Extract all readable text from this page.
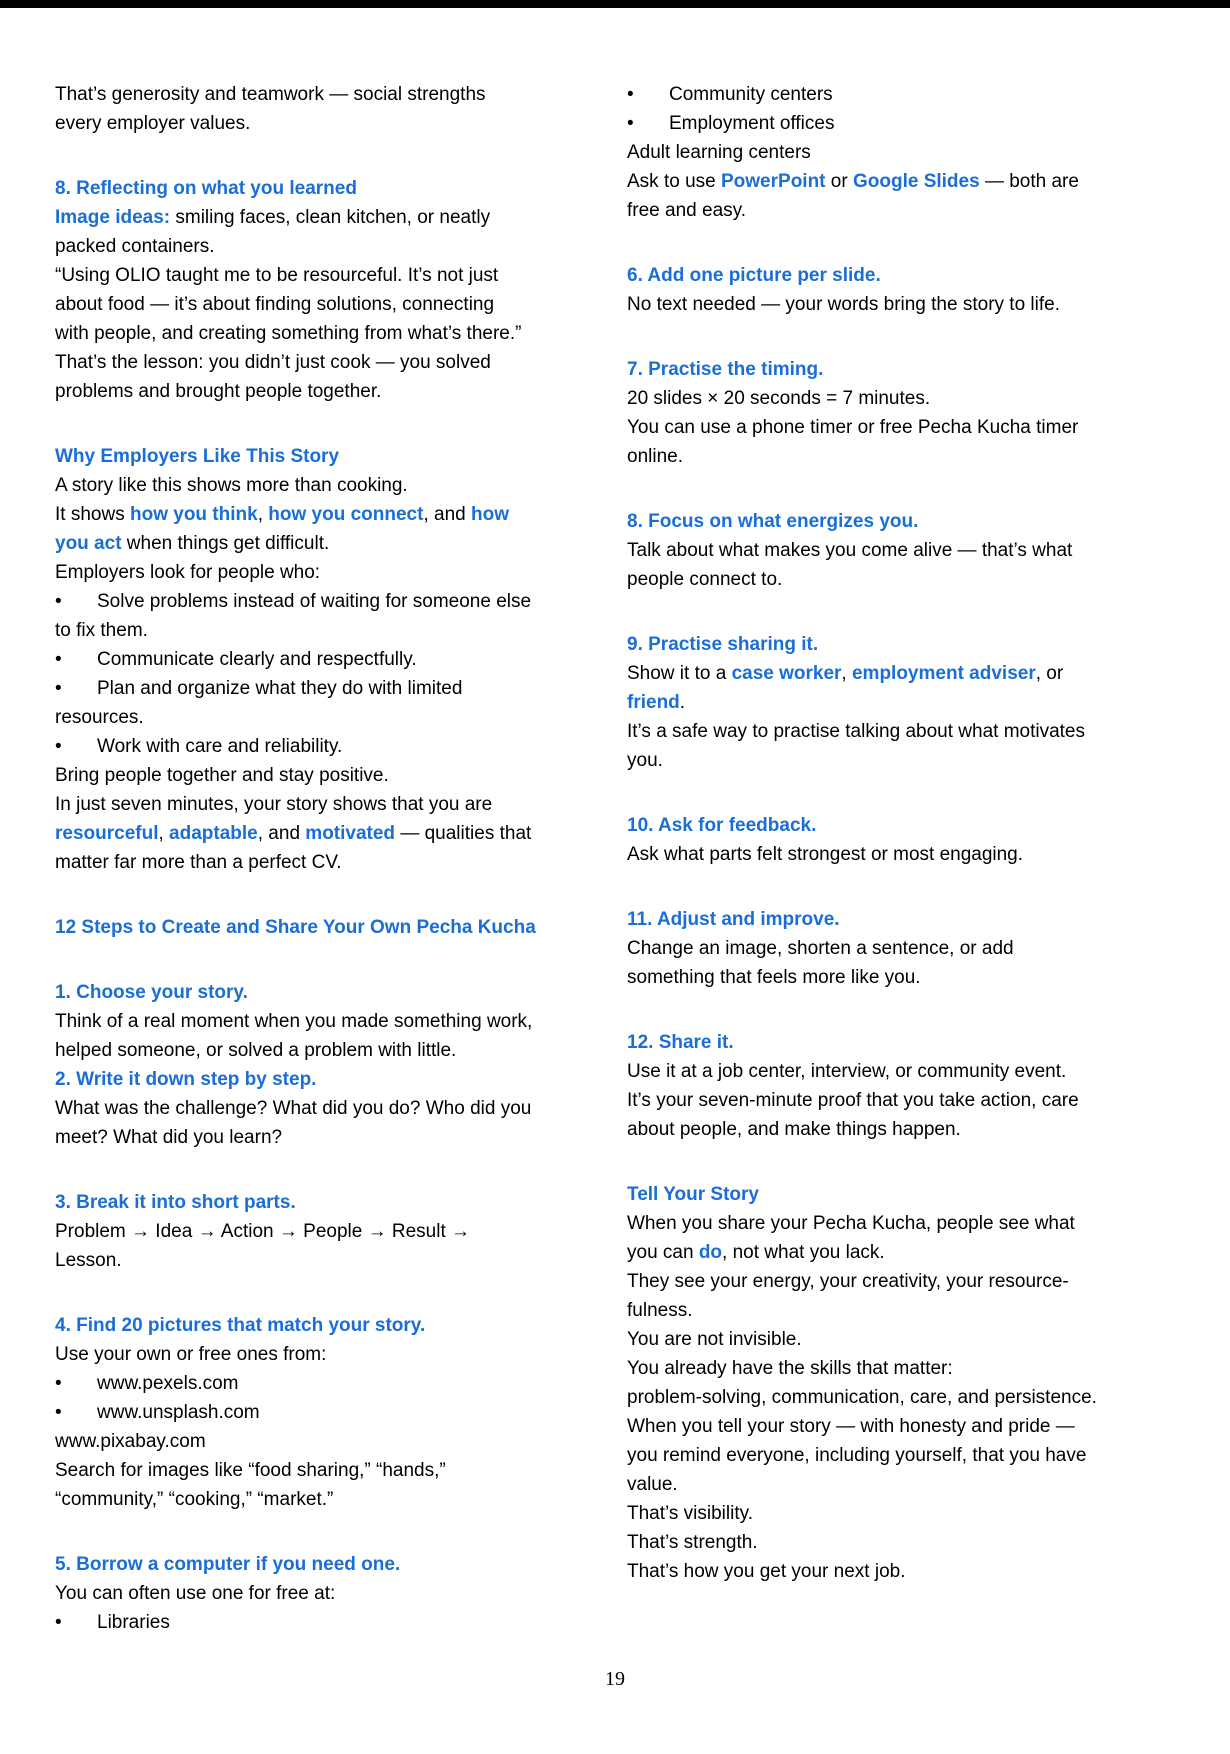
That’s generosity and teamwork — social strengths every employer values.
8. Reflecting on what you learned
Image ideas: smiling faces, clean kitchen, or neatly packed containers.
“Using OLIO taught me to be resourceful. It’s not just about food — it’s about finding solutions, connecting with people, and creating something from what’s there.”
That’s the lesson: you didn’t just cook — you solved problems and brought people together.
Why Employers Like This Story
A story like this shows more than cooking.
It shows how you think, how you connect, and how you act when things get difficult.
Employers look for people who:
• Solve problems instead of waiting for someone else to fix them.
• Communicate clearly and respectfully.
• Plan and organize what they do with limited resources.
• Work with care and reliability.
Bring people together and stay positive.
In just seven minutes, your story shows that you are resourceful, adaptable, and motivated — qualities that matter far more than a perfect CV.
12 Steps to Create and Share Your Own Pecha Kucha
1. Choose your story.
Think of a real moment when you made something work, helped someone, or solved a problem with little.
2. Write it down step by step.
What was the challenge? What did you do? Who did you meet? What did you learn?
3. Break it into short parts.
Problem → Idea → Action → People → Result → Lesson.
4. Find 20 pictures that match your story.
Use your own or free ones from:
• www.pexels.com
• www.unsplash.com
www.pixabay.com
Search for images like “food sharing,” “hands,” “community,” “cooking,” “market.”
5. Borrow a computer if you need one.
You can often use one for free at:
• Libraries
• Community centers
• Employment offices
Adult learning centers
Ask to use PowerPoint or Google Slides — both are free and easy.
6. Add one picture per slide.
No text needed — your words bring the story to life.
7. Practise the timing.
20 slides × 20 seconds = 7 minutes.
You can use a phone timer or free Pecha Kucha timer online.
8. Focus on what energizes you.
Talk about what makes you come alive — that’s what people connect to.
9. Practise sharing it.
Show it to a case worker, employment adviser, or friend.
It’s a safe way to practise talking about what motivates you.
10. Ask for feedback.
Ask what parts felt strongest or most engaging.
11. Adjust and improve.
Change an image, shorten a sentence, or add something that feels more like you.
12. Share it.
Use it at a job center, interview, or community event.
It’s your seven-minute proof that you take action, care about people, and make things happen.
Tell Your Story
When you share your Pecha Kucha, people see what you can do, not what you lack.
They see your energy, your creativity, your resource-fulness.
You are not invisible.
You already have the skills that matter:
problem-solving, communication, care, and persistence.
When you tell your story — with honesty and pride — you remind everyone, including yourself, that you have value.
That’s visibility.
That’s strength.
That’s how you get your next job.
19
